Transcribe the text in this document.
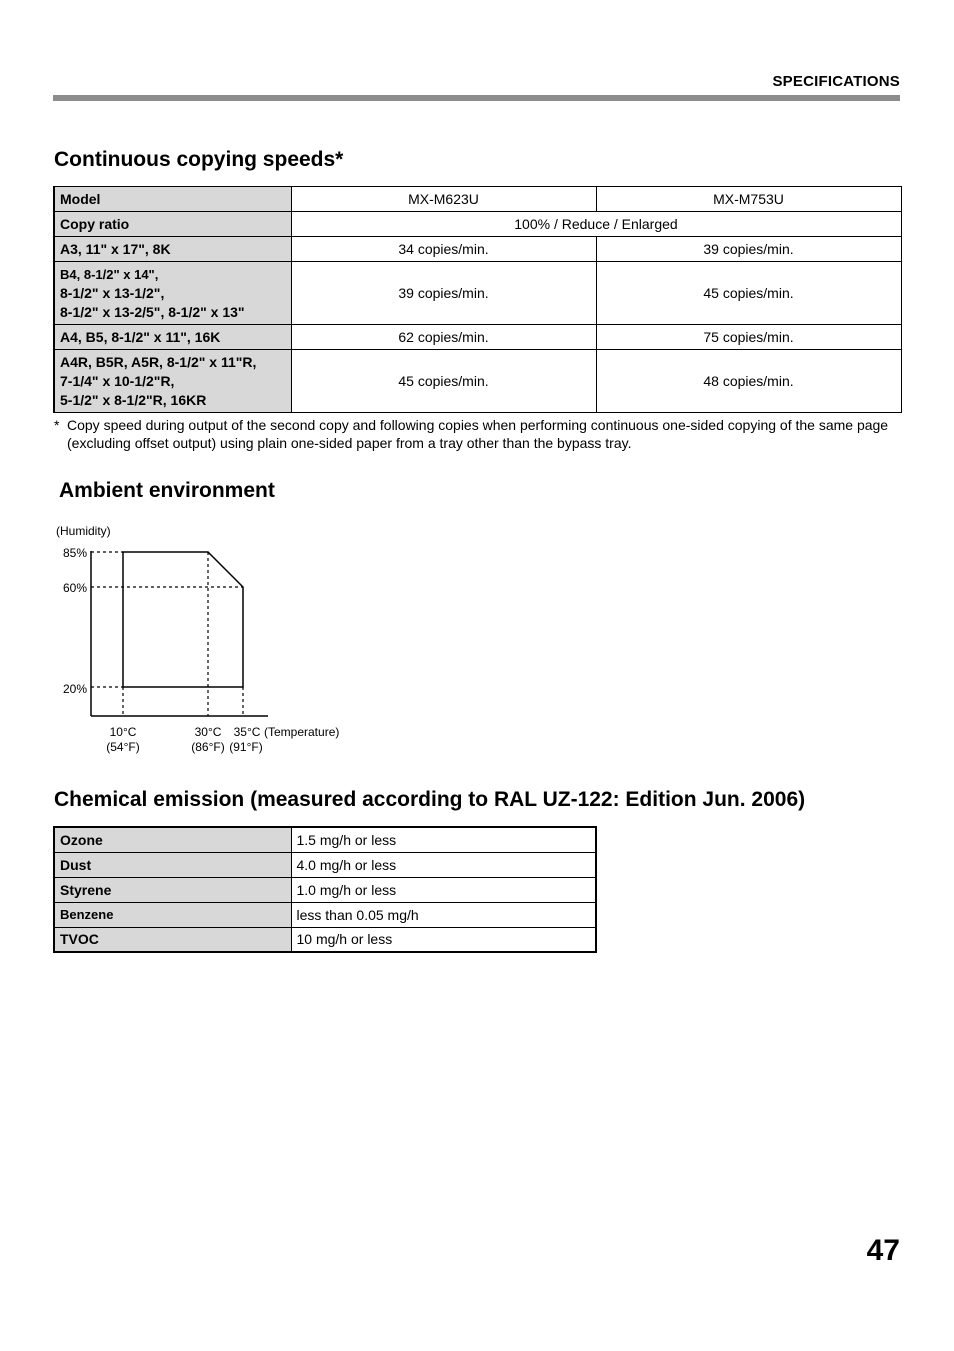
SPECIFICATIONS
Continuous copying speeds*
Model	MX-M623U	MX-M753U
Copy ratio	100% / Reduce / Enlarged	
A3, 11" x 17", 8K	34 copies/min.	39 copies/min.

B4, 8-1/2" x 14",
8-1/2" x 13-1/2",
8-1/2" x 13-2/5", 8-1/2" x 13"	39 copies/min.	45 copies/min.
A4, B5, 8-1/2" x 11", 16K	62 copies/min.	75 copies/min.

A4R, B5R, A5R, 8-1/2" x 11"R,
7-1/4" x 10-1/2"R,
5-1/2" x 8-1/2"R, 16KR	45 copies/min.	48 copies/min.
* Copy speed during output of the second copy and following copies when performing continuous one-sided copying of the same page (excluding offset output) using plain one-sided paper from a tray other than the bypass tray.
Ambient environment
(Humidity)
85%
60%
20%
10°C	30°C 35°C (Temperature)
(54°F)	(86°F) (91°F)
Chemical emission (measured according to RAL UZ-122: Edition Jun. 2006)
Ozone	1.5 mg/h or less
Dust	4.0 mg/h or less
Styrene	1.0 mg/h or less
Benzene	less than 0.05 mg/h
TVOC	10 mg/h or less
47
